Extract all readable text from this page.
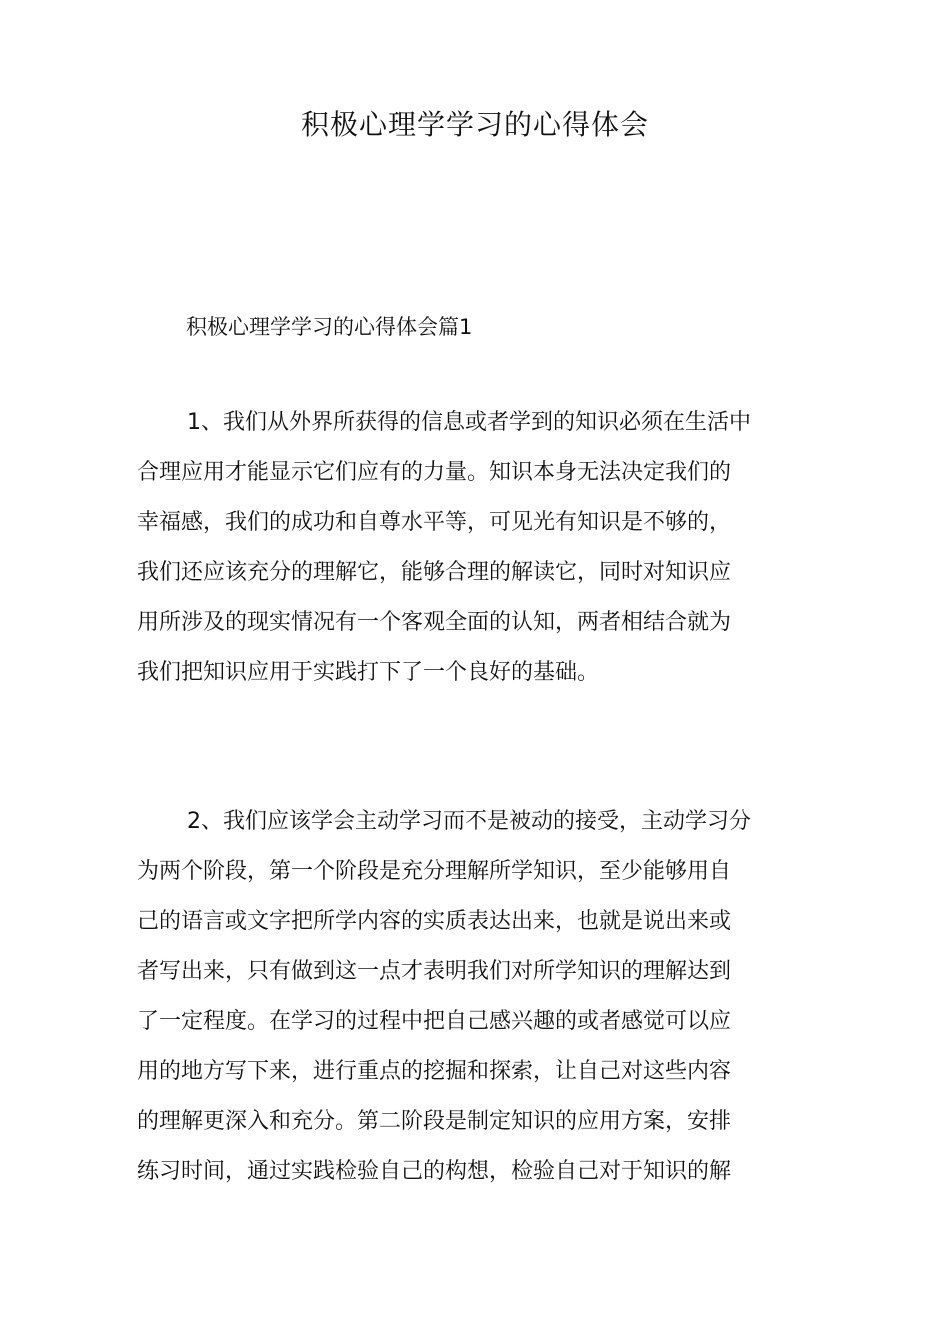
积极心理学学习的心得体会
积极心理学学习的心得体会篇1

1、我们从外界所获得的信息或者学到的知识必须在生活中
合理应用才能显示它们应有的力量。知识本身无法决定我们的
幸福感，我们的成功和自尊水平等，可见光有知识是不够的，
我们还应该充分的理解它，能够合理的解读它，同时对知识应
用所涉及的现实情况有一个客观全面的认知，两者相结合就为
我们把知识应用于实践打下了一个良好的基础。

2、我们应该学会主动学习而不是被动的接受，主动学习分
为两个阶段，第一个阶段是充分理解所学知识，至少能够用自
己的语言或文字把所学内容的实质表达出来，也就是说出来或
者写出来，只有做到这一点才表明我们对所学知识的理解达到
了一定程度。在学习的过程中把自己感兴趣的或者感觉可以应
用的地方写下来，进行重点的挖掘和探索，让自己对这些内容
的理解更深入和充分。第二阶段是制定知识的应用方案，安排
练习时间，通过实践检验自己的构想，检验自己对于知识的解
